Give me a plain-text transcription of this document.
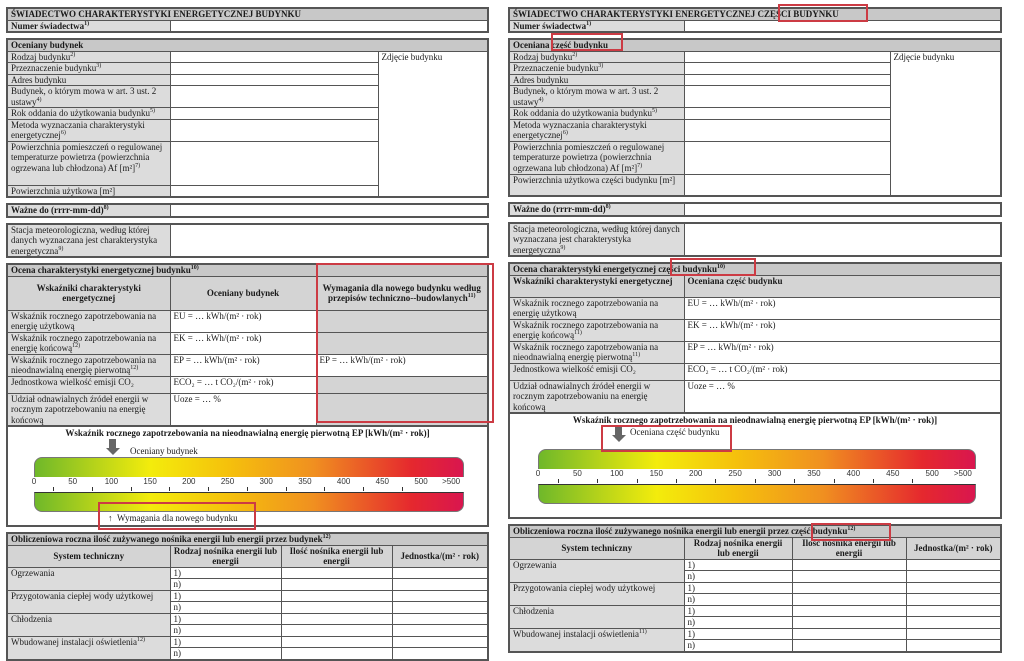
ŚWIADECTWO CHARAKTERYSTYKI ENERGETYCZNEJ BUDYNKU
Numer świadectwa$^{1)}$	
Oceniany budynek		
Rodzaj budynku$^{2)}$		Zdjęcie budynku
Przeznaczenie budynku$^{3)}$	
Adres budynku		
Budynek, o którym mowa w art. 3 ust. 2 ustawy$^{4)}$	
Rok oddania do użytkowania budynku$^{5)}$	
Metoda wyznaczania charakterystyki energetycznej$^{6)}$	
Powierzchnia pomieszczeń o regulowanej temperaturze powietrza (powierzchnia ogrzewana lub chłodzona) Af $[m^2]^{7)}$	
Powierzchnia użytkowa [m²]		
Ważne do (rrrr-mm-dd)$^{8)}$	
Stacja meteorologiczna, według której danych wyznaczana jest charakterystyka energetyczna$^{9)}$	
Ocena charakterystyki energetycznej budynku$^{10)}$
Wskaźniki charakterystyki energetycznej	Oceniany budynek	Wymagania dla nowego budynku według przepisów techniczno--budowlanych$^{11)}$
Wskaźnik rocznego zapotrzebowania na energię użytkową	EU = … kWh/(m² · rok)	
Wskaźnik rocznego zapotrzebowania na energię końcową$^{12)}$	EK = … kWh/(m² · rok)	
Wskaźnik rocznego zapotrzebowania na nieodnawialną energię pierwotną$^{12)}$	EP = … kWh/(m² · rok)	EP = … kWh/(m² · rok)
Jednostkowa wielkość emisji CO₂	ECO₂ = … t CO₂/(m² · rok)	
Udział odnawialnych źródeł energii w rocznym zapotrzebowaniu na energię końcową	Uoze = … %	
Wskaźnik rocznego zapotrzebowania na nieodnawialną energię pierwotną EP [kWh/(m² · rok)]
Oceniany budynek
0	50	100	150	200	250	300	350	400	450	500 >500
↑ Wymagania dla nowego budynku
Obliczeniowa roczna ilość zużywanego nośnika energii lub energii przez budynek$^{12)}$
System techniczny	Rodzaj nośnika energii lub energii	Ilość nośnika energii lub energii	Jednostka/(m² · rok)
Ogrzewania	1)		
	n)		
Przygotowania ciepłej wody użytkowej	1)		
	n)		
Chłodzenia	1)		
	n)		
Wbudowanej instalacji oświetlenia$^{12)}$	1)		
	n)		
ŚWIADECTWO CHARAKTERYSTYKI ENERGETYCZNEJ CZĘŚCI BUDYNKU
Numer świadectwa$^{1)}$	
Oceniana część budynku		
Rodzaj budynku$^{2)}$		Zdjęcie budynku
Przeznaczenie budynku$^{3)}$	
Adres budynku		
Budynek, o którym mowa w art. 3 ust. 2 ustawy$^{4)}$	
Rok oddania do użytkowania budynku$^{5)}$	
Metoda wyznaczania charakterystyki energetycznej$^{6)}$	
Powierzchnia pomieszczeń o regulowanej temperaturze powietrza (powierzchnia ogrzewana lub chłodzona) Af $[m^2]^{7)}$	
Powierzchnia użytkowa części budynku [m²]		
Ważne do (rrrr-mm-dd)$^{8)}$	
Stacja meteorologiczna, według której danych wyznaczana jest charakterystyka energetyczna$^{9)}$	
Ocena charakterystyki energetycznej części budynku$^{10)}$
Wskaźniki charakterystyki energetycznej	Oceniana część budynku
Wskaźnik rocznego zapotrzebowania na energię użytkową	EU = … kWh/(m² · rok)
Wskaźnik rocznego zapotrzebowania na energię końcową$^{11)}$	EK = … kWh/(m² · rok)
Wskaźnik rocznego zapotrzebowania na nieodnawialną energię pierwotną$^{11)}$	EP = … kWh/(m² · rok)
Jednostkowa wielkość emisji CO₂	ECO₂ = … t CO₂/(m² · rok)
Udział odnawialnych źródeł energii w rocznym zapotrzebowaniu na energię końcową	Uoze = … %
Wskaźnik rocznego zapotrzebowania na nieodnawialną energię pierwotną EP [kWh/(m² · rok)]
Oceniana część budynku
0	50	100	150	200	250	300	350	400	450	500 >500
Obliczeniowa roczna ilość zużywanego nośnika energii lub energii przez część budynku$^{12)}$
System techniczny	Rodzaj nośnika energii lub energii	Ilość nośnika energii lub energii	Jednostka/(m² · rok)
Ogrzewania	1)		
	n)		
Przygotowania ciepłej wody użytkowej	1)		
	n)		
Chłodzenia	1)		
	n)		
Wbudowanej instalacji oświetlenia$^{11)}$	1)		
	n)		
